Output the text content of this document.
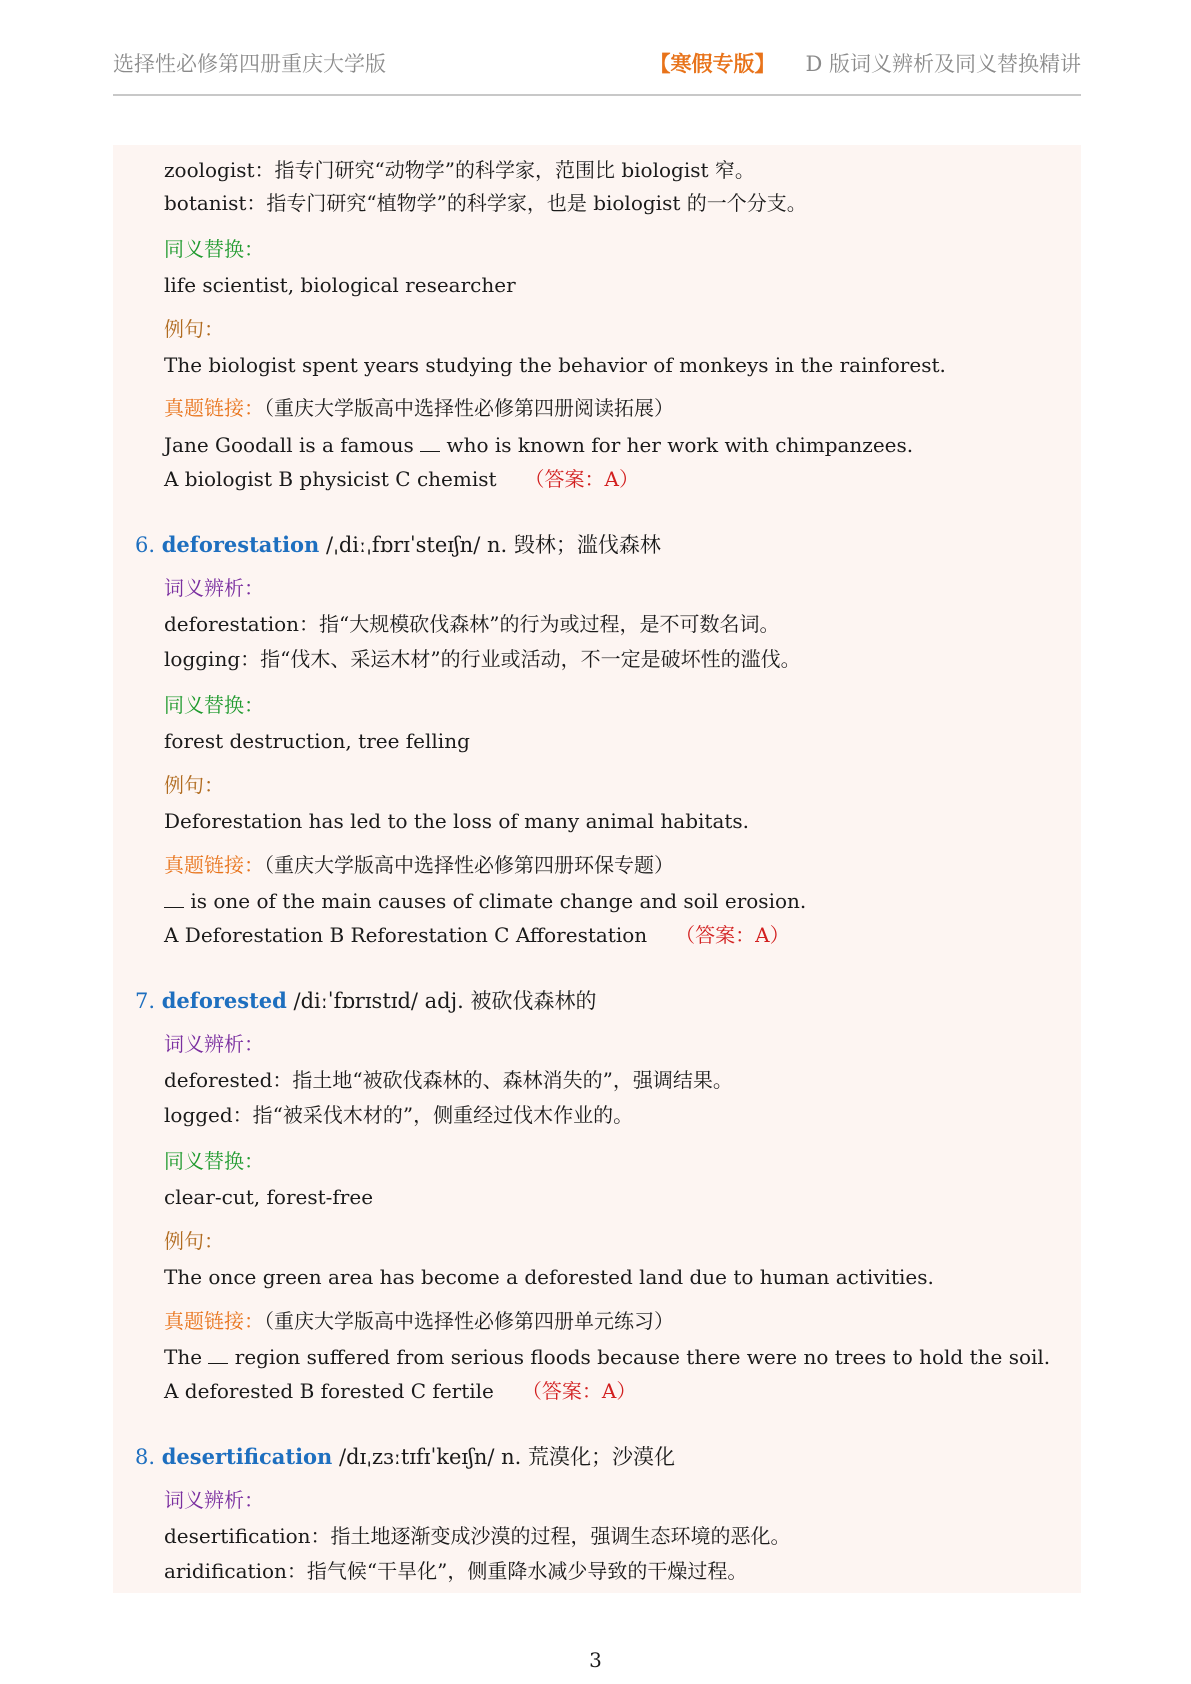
选择性必修第四册重庆大学版	【寒假专版】 D 版词义辨析及同义替换精讲
zoologist：指专门研究“动物学”的科学家，范围比 biologist 窄。
botanist：指专门研究“植物学”的科学家，也是 biologist 的一个分支。
同义替换：
life scientist, biological researcher
例句：
The biologist spent years studying the behavior of monkeys in the rainforest.
真题链接：（重庆大学版高中选择性必修第四册阅读拓展）
Jane Goodall is a famous who is known for her work with chimpanzees.
A biologist B physicist C chemist （答案：A）
6. deforestation /ˌdiːˌfɒrɪˈsteɪʃn/ n. 毁林；滥伐森林
词义辨析：
deforestation：指“大规模砍伐森林”的行为或过程，是不可数名词。
logging：指“伐木、采运木材”的行业或活动，不一定是破坏性的滥伐。
同义替换：
forest destruction, tree felling
例句：
Deforestation has led to the loss of many animal habitats.
真题链接：（重庆大学版高中选择性必修第四册环保专题）
is one of the main causes of climate change and soil erosion.
A Deforestation B Reforestation C Afforestation （答案：A）
7. deforested /diːˈfɒrɪstɪd/ adj. 被砍伐森林的
词义辨析：
deforested：指土地“被砍伐森林的、森林消失的”，强调结果。
logged：指“被采伐木材的”，侧重经过伐木作业的。
同义替换：
clear-cut, forest-free
例句：
The once green area has become a deforested land due to human activities.
真题链接：（重庆大学版高中选择性必修第四册单元练习）
The region suffered from serious floods because there were no trees to hold the soil.
A deforested B forested C fertile （答案：A）
8. desertification /dɪˌzɜːtɪfɪˈkeɪʃn/ n. 荒漠化；沙漠化
词义辨析：
desertification：指土地逐渐变成沙漠的过程，强调生态环境的恶化。
aridification：指气候“干旱化”，侧重降水减少导致的干燥过程。
3
